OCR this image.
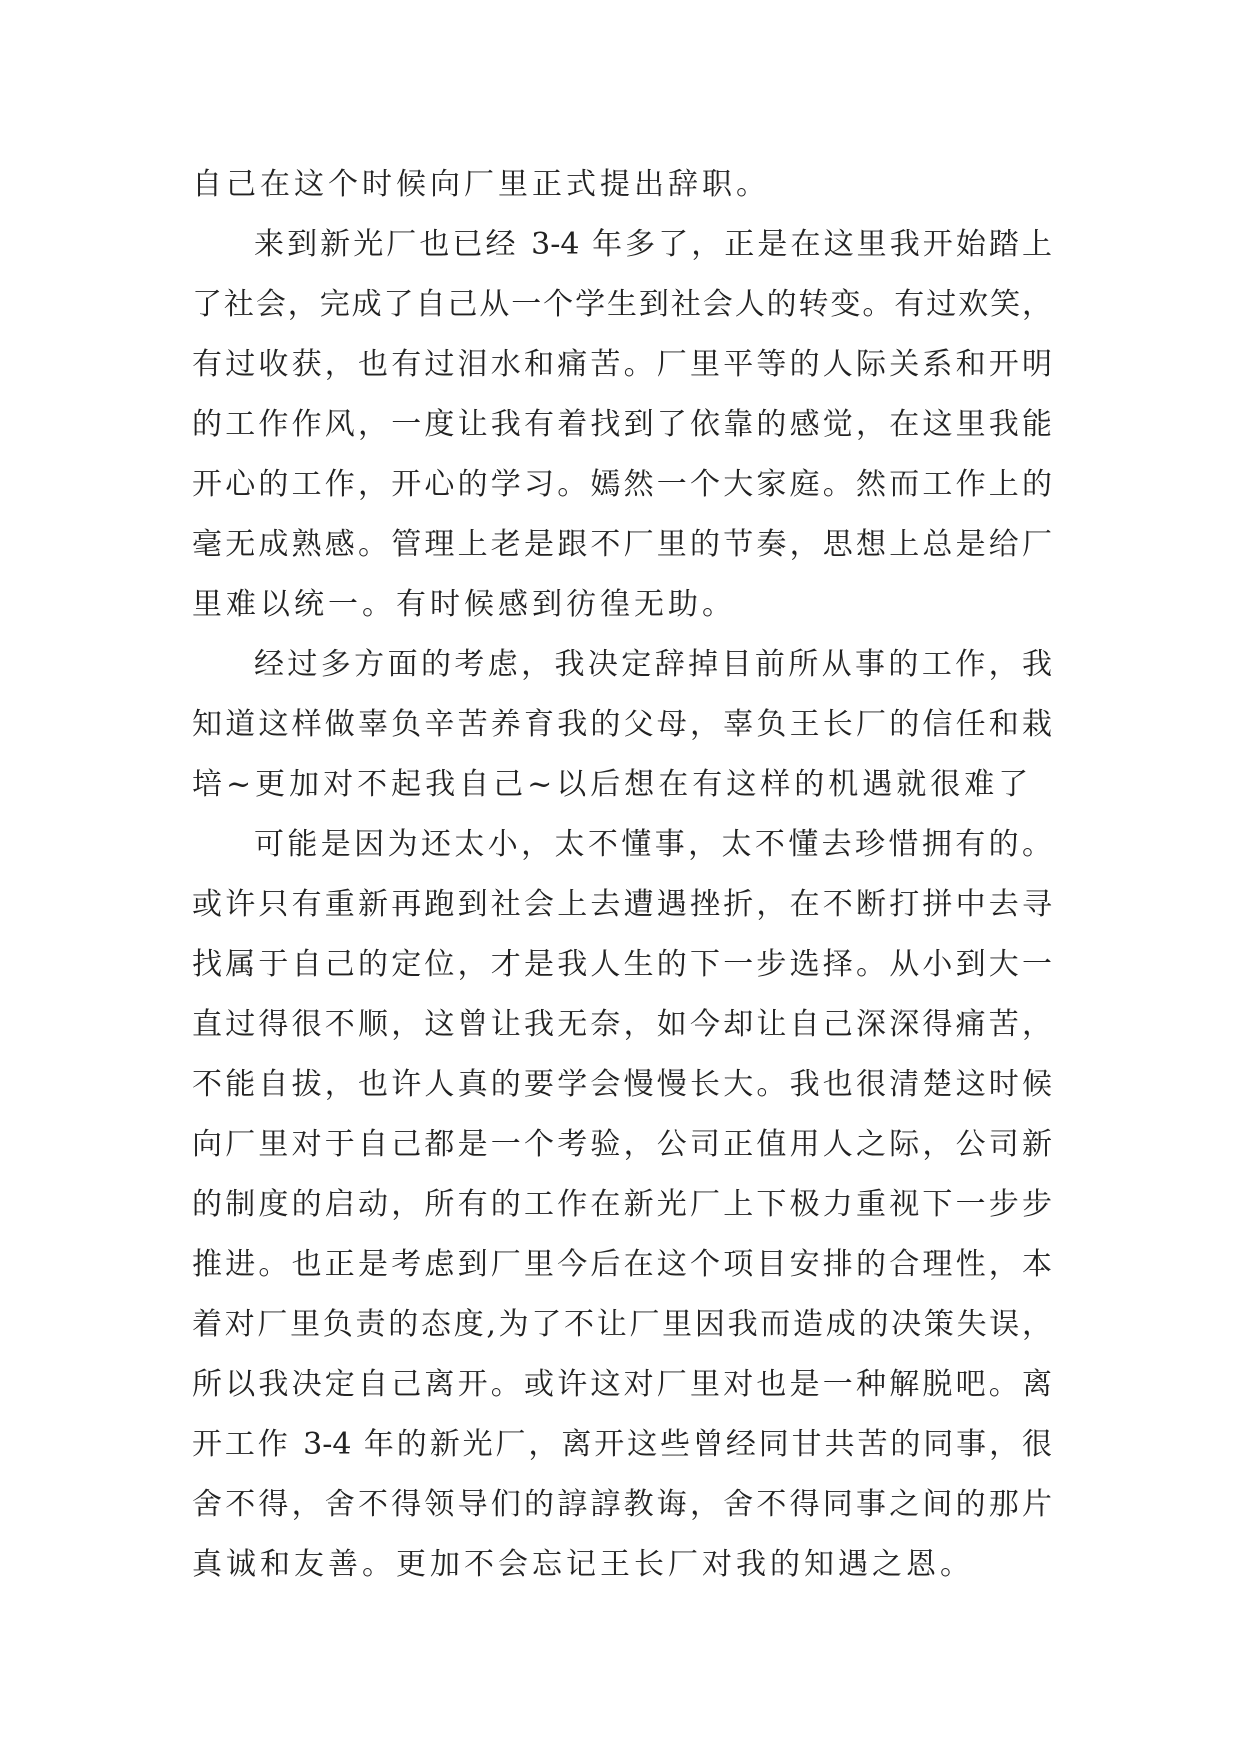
自己在这个时候向厂里正式提出辞职。
来到新光厂也已经 3-4 年多了，正是在这里我开始踏上
了社会，完成了自己从一个学生到社会人的转变。有过欢笑，
有过收获，也有过泪水和痛苦。厂里平等的人际关系和开明
的工作作风，一度让我有着找到了依靠的感觉，在这里我能
开心的工作，开心的学习。嫣然一个大家庭。然而工作上的
毫无成熟感。管理上老是跟不厂里的节奏，思想上总是给厂
里难以统一。有时候感到彷徨无助。
经过多方面的考虑，我决定辞掉目前所从事的工作，我
知道这样做辜负辛苦养育我的父母，辜负王长厂的信任和栽
培~更加对不起我自己~以后想在有这样的机遇就很难了
可能是因为还太小，太不懂事，太不懂去珍惜拥有的。
或许只有重新再跑到社会上去遭遇挫折，在不断打拼中去寻
找属于自己的定位，才是我人生的下一步选择。从小到大一
直过得很不顺，这曾让我无奈，如今却让自己深深得痛苦，
不能自拔，也许人真的要学会慢慢长大。我也很清楚这时候
向厂里对于自己都是一个考验，公司正值用人之际，公司新
的制度的启动，所有的工作在新光厂上下极力重视下一步步
推进。也正是考虑到厂里今后在这个项目安排的合理性，本
着对厂里负责的态度,为了不让厂里因我而造成的决策失误，
所以我决定自己离开。或许这对厂里对也是一种解脱吧。离
开工作 3-4 年的新光厂，离开这些曾经同甘共苦的同事，很
舍不得，舍不得领导们的諄諄教诲，舍不得同事之间的那片
真诚和友善。更加不会忘记王长厂对我的知遇之恩。
